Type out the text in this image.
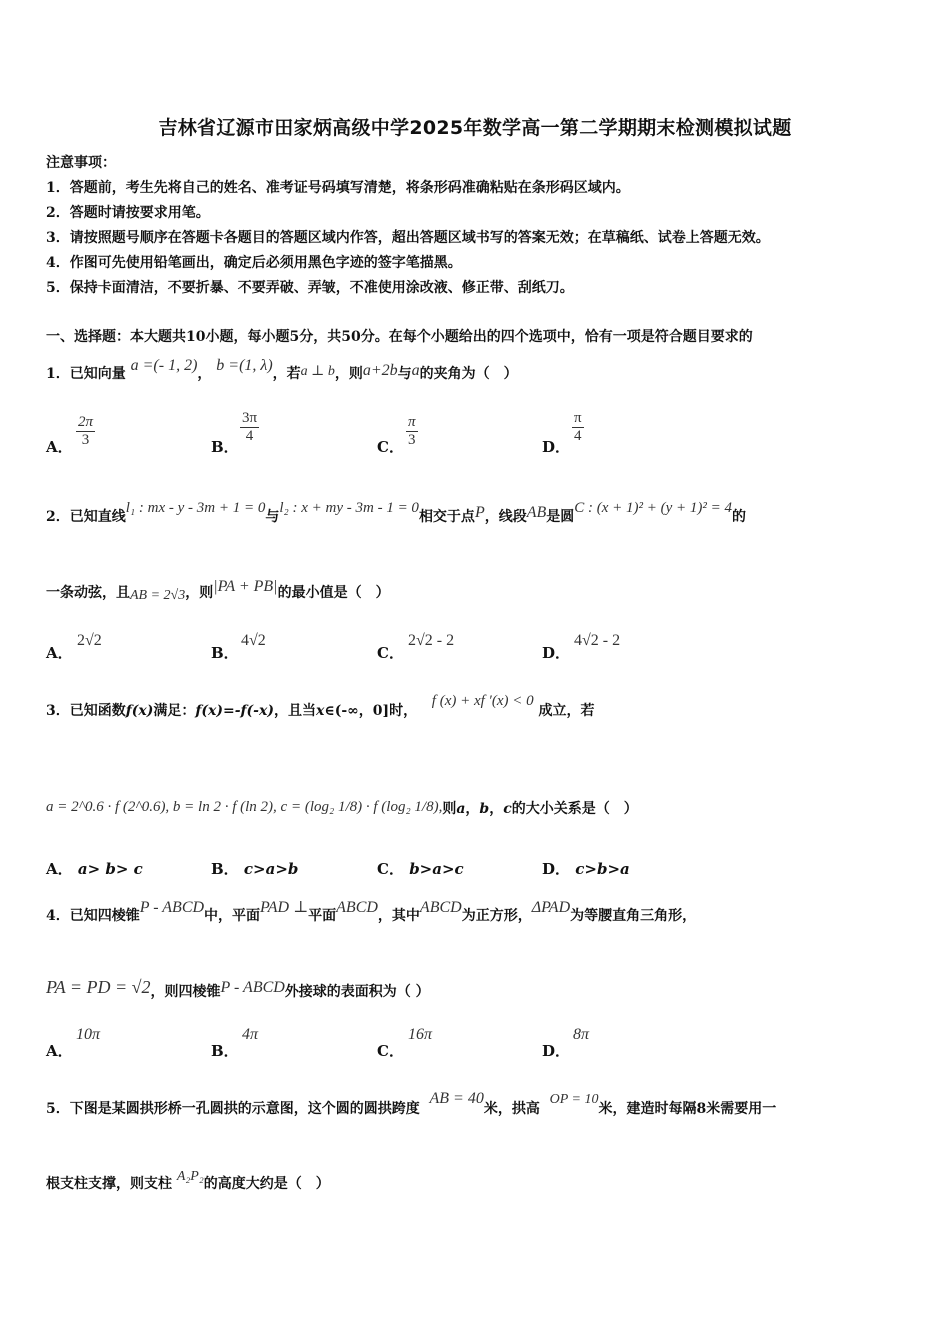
吉林省辽源市田家炳高级中学2025年数学高一第二学期期末检测模拟试题
注意事项：
1．答题前，考生先将自己的姓名、准考证号码填写清楚，将条形码准确粘贴在条形码区域内。
2．答题时请按要求用笔。
3．请按照题号顺序在答题卡各题目的答题区域内作答，超出答题区域书写的答案无效；在草稿纸、试卷上答题无效。
4．作图可先使用铅笔画出，确定后必须用黑色字迹的签字笔描黑。
5．保持卡面清洁，不要折暴、不要弄破、弄皱，不准使用涂改液、修正带、刮纸刀。
一、选择题：本大题共10小题，每小题5分，共50分。在每个小题给出的四个选项中，恰有一项是符合题目要求的
1．已知向量 a =(- 1, 2)， b =(1, λ)，若a ⊥ b，则a+2b与a的夹角为（　）
A． $\frac{2\pi}{3}$	B．
$\frac{3\pi}{4}$
C． $\frac{\pi}{3}$	D．
$\frac{\pi}{4}$
2．已知直线l₁ : mx - y - 3m + 1 = 0与l₂ : x + my - 3m - 1 = 0相交于点P，线段AB是圆C : (x + 1)² + (y + 1)² = 4的
一条动弦，且AB = 2√3，则|PA + PB|的最小值是（　）
A．
2√2
B．
4√2
C．
2√2 - 2
D．
4√2 - 2
3．已知函数f(x)满足：f(x)=-f(-x)，且当x∈(-∞，0]时，   f (x) + xf ′(x) < 0 成立，若
a = 2^0.6 · f (2^0.6), b = ln 2 · f (ln 2), c = (log₂ 1/8) · f (log₂ 1/8),则a，b，c的大小关系是（　）
A． a> b> c	B． c>a>b	C． b>a>c	D． c>b>a
4．已知四棱锥P - ABCD中，平面PAD ⊥平面ABCD，其中ABCD为正方形，ΔPAD为等腰直角三角形，
PA = PD = √2，则四棱锥P - ABCD外接球的表面积为（ ）
A．
10π
B．
4π
C．
16π
D．
8π
5．下图是某圆拱形桥一孔圆拱的示意图，这个圆的圆拱跨度  AB = 40米，拱高  OP = 10米，建造时每隔8米需要用一
根支柱支撑，则支柱 A₂P₂的高度大约是（　）
